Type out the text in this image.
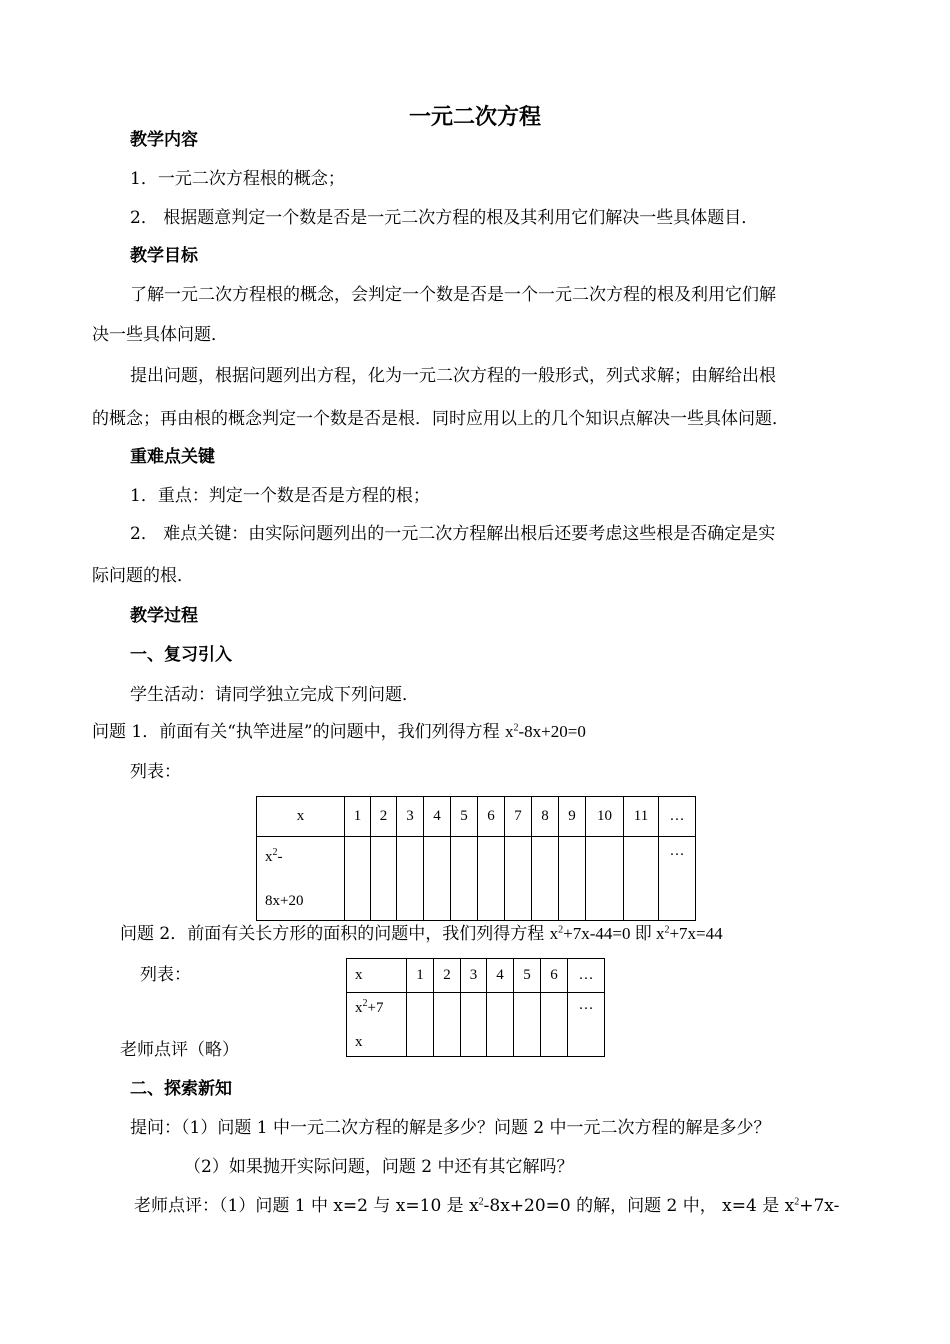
一元二次方程
教学内容
1．一元二次方程根的概念；
2． 根据题意判定一个数是否是一元二次方程的根及其利用它们解决一些具体题目．
教学目标
了解一元二次方程根的概念，会判定一个数是否是一个一元二次方程的根及利用它们解
决一些具体问题．
提出问题，根据问题列出方程，化为一元二次方程的一般形式，列式求解；由解给出根
的概念；再由根的概念判定一个数是否是根．同时应用以上的几个知识点解决一些具体问题．
重难点关键
1．重点：判定一个数是否是方程的根；
2． 难点关键：由实际问题列出的一元二次方程解出根后还要考虑这些根是否确定是实
际问题的根．
教学过程
一、复习引入
学生活动：请同学独立完成下列问题．
问题 1．前面有关“执竿进屋”的问题中，我们列得方程 $x^2-8x+20=0$
列表：
x	1	2	3	4	5	6	7	8	9	10	11	…

$x^2-$
8x+20												…
问题 2．前面有关长方形的面积的问题中，我们列得方程 $x^2+7x-44=0$ 即 $x^2+7x=44$
列表：	x	1	2	3	4	5	6	…

$x^2+7$
x							…
老师点评（略）
二、探索新知
提问：（1）问题 1 中一元二次方程的解是多少？问题 2 中一元二次方程的解是多少？
（2）如果抛开实际问题，问题 2 中还有其它解吗？
老师点评：（1）问题 1 中 x=2 与 x=10 是 $x^2-8x+20=0$ 的解，问题 2 中， x=4 是 $x^2+7x-$
